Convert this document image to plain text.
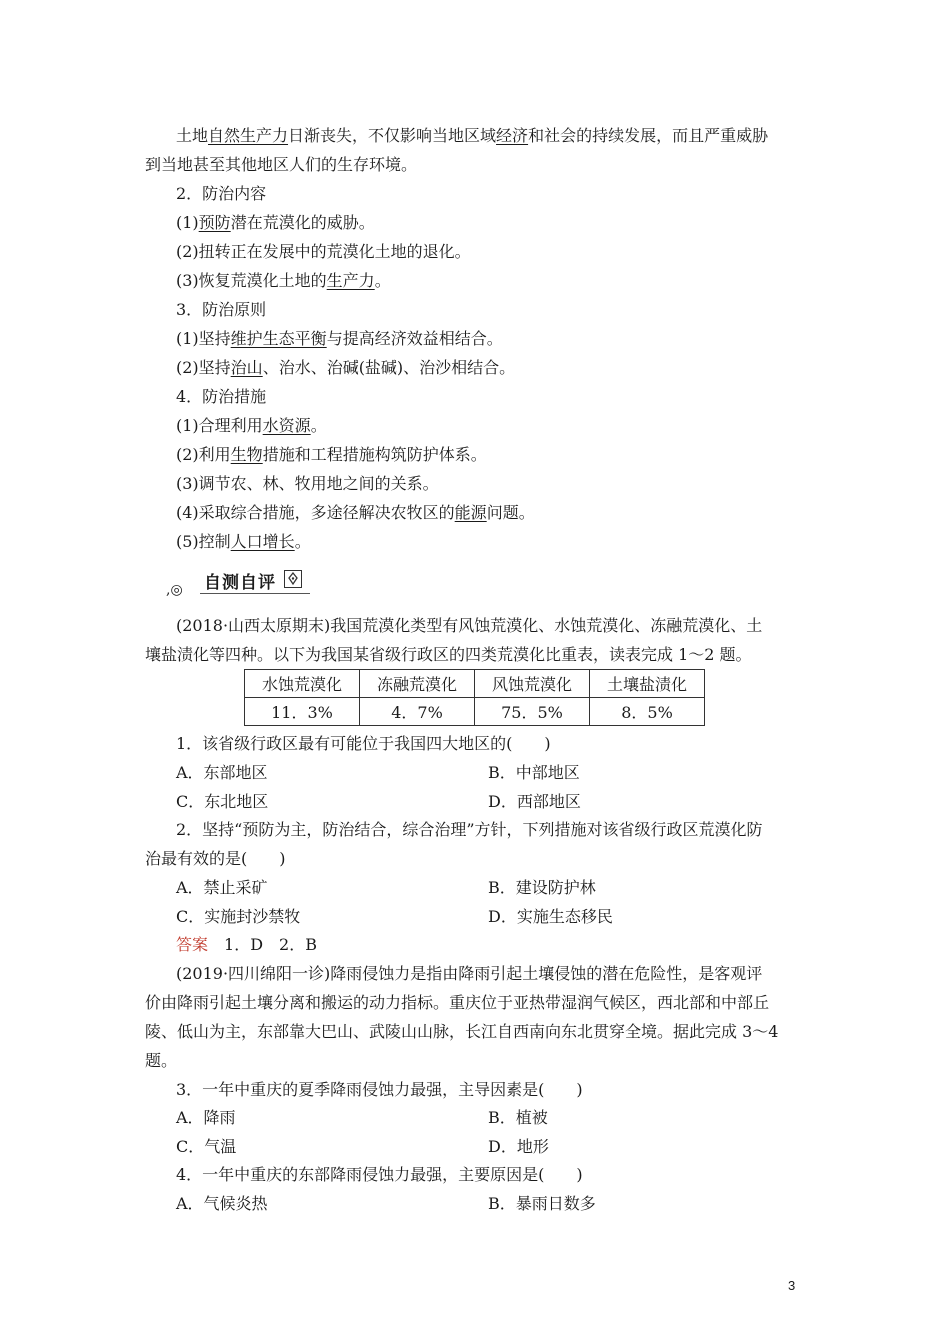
土地自然生产力日渐丧失，不仅影响当地区域经济和社会的持续发展，而且严重威胁
到当地甚至其他地区人们的生存环境。
2．防治内容
(1)预防潜在荒漠化的威胁。
(2)扭转正在发展中的荒漠化土地的退化。
(3)恢复荒漠化土地的生产力。
3．防治原则
(1)坚持维护生态平衡与提高经济效益相结合。
(2)坚持治山、治水、治碱(盐碱)、治沙相结合。
4．防治措施
(1)合理利用水资源。
(2)利用生物措施和工程措施构筑防护体系。
(3)调节农、林、牧用地之间的关系。
(4)采取综合措施，多途径解决农牧区的能源问题。
(5)控制人口增长。
,◎ 自测自评
(2018·山西太原期末)我国荒漠化类型有风蚀荒漠化、水蚀荒漠化、冻融荒漠化、土
壤盐渍化等四种。以下为我国某省级行政区的四类荒漠化比重表，读表完成 1～2 题。
水蚀荒漠化	冻融荒漠化	风蚀荒漠化	土壤盐渍化
11．3%	4．7%	75．5%	8．5%
1．该省级行政区最有可能位于我国四大地区的(　　)
A．东部地区	B．中部地区
C．东北地区	D．西部地区
2．坚持“预防为主，防治结合，综合治理”方针，下列措施对该省级行政区荒漠化防
治最有效的是(　　)
A．禁止采矿	B．建设防护林
C．实施封沙禁牧	D．实施生态移民
答案　1．D　2．B
(2019·四川绵阳一诊)降雨侵蚀力是指由降雨引起土壤侵蚀的潜在危险性，是客观评
价由降雨引起土壤分离和搬运的动力指标。重庆位于亚热带湿润气候区，西北部和中部丘
陵、低山为主，东部靠大巴山、武陵山山脉，长江自西南向东北贯穿全境。据此完成 3～4
题。
3．一年中重庆的夏季降雨侵蚀力最强，主导因素是(　　)
A．降雨	B．植被
C．气温	D．地形
4．一年中重庆的东部降雨侵蚀力最强，主要原因是(　　)
A．气候炎热	B．暴雨日数多
3
